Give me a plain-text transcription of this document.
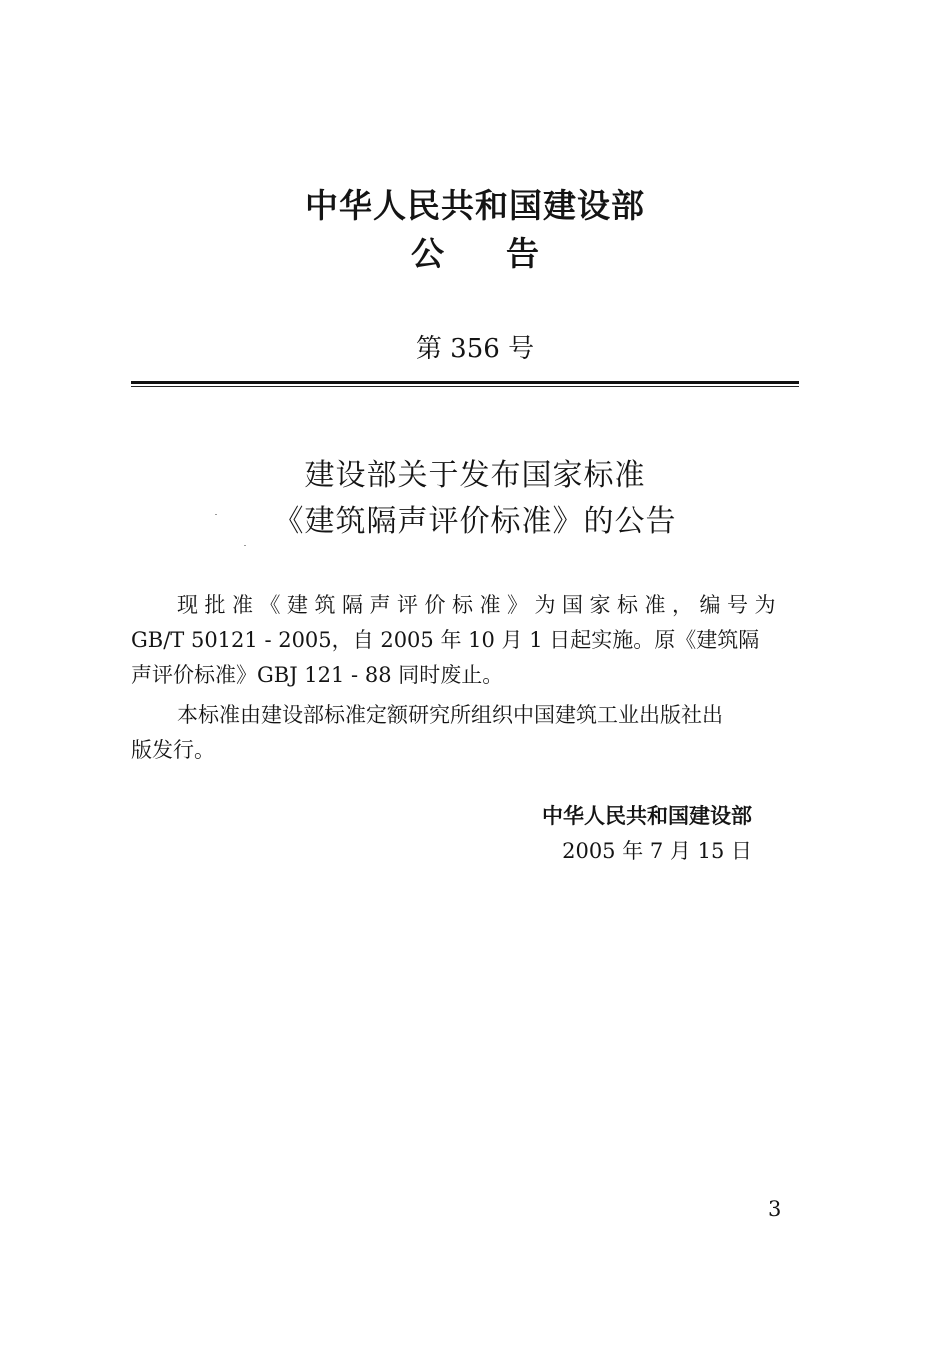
中华人民共和国建设部
公 告
第 356 号
建设部关于发布国家标准
《建筑隔声评价标准》的公告
现批准《建筑隔声评价标准》为国家标准，编号为
GB/T 50121 - 2005，自 2005 年 10 月 1 日起实施。原《建筑隔
声评价标准》GBJ 121 - 88 同时废止。
本标准由建设部标准定额研究所组织中国建筑工业出版社出
版发行。
中华人民共和国建设部
2005 年 7 月 15 日
3
